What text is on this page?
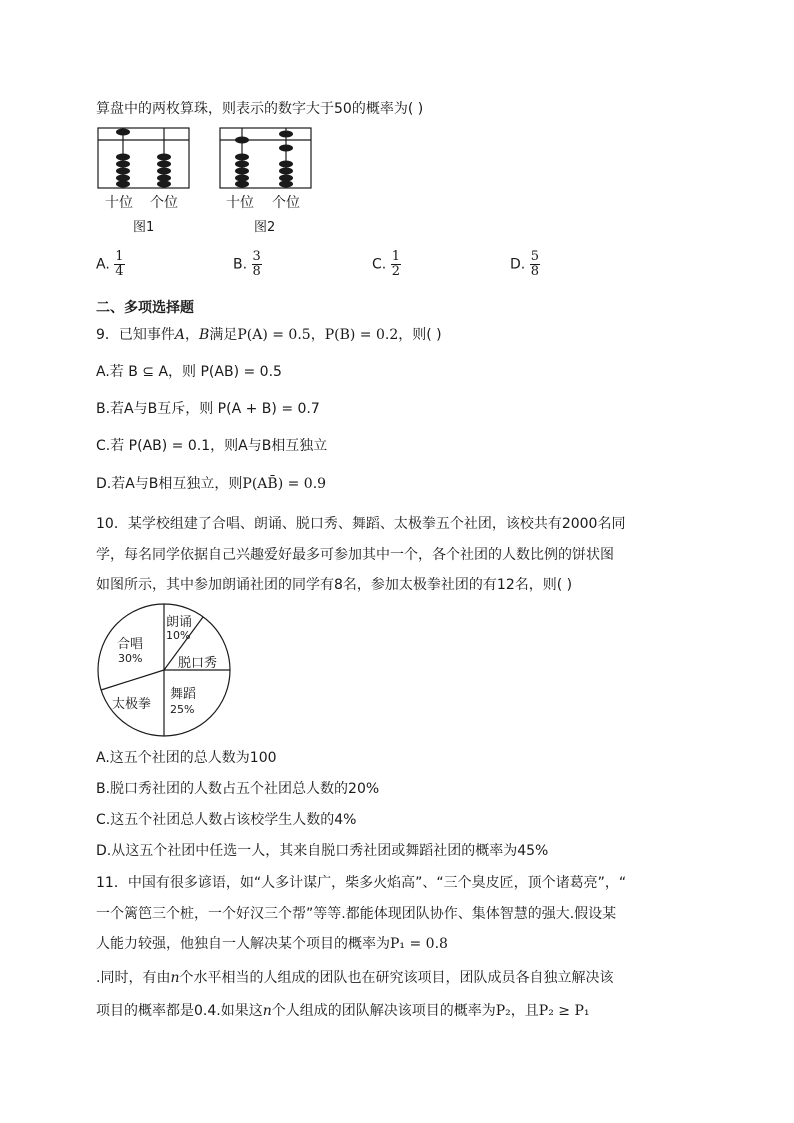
算盘中的两枚算珠，则表示的数字大于50的概率为( )
十位 个位
图1
十位 个位
图2
A. $\frac{1}{4}$	B. $\frac{3}{8}$	C. $\frac{1}{2}$	D. $\frac{5}{8}$
二、多项选择题
9．已知事件A，B满足P(A) = 0.5，P(B) = 0.2，则( )
A.若 B ⊆ A，则 P(AB) = 0.5
B.若A与B互斥，则 P(A + B) = 0.7
C.若 P(AB) = 0.1，则A与B相互独立
D.若A与B相互独立，则P(AB̄) = 0.9
10．某学校组建了合唱、朗诵、脱口秀、舞蹈、太极拳五个社团，该校共有2000名同
学，每名同学依据自己兴趣爱好最多可参加其中一个，各个社团的人数比例的饼状图
如图所示，其中参加朗诵社团的同学有8名，参加太极拳社团的有12名，则( )
合唱
30%
朗诵
10%
脱口秀
舞蹈
25%
太极拳
A.这五个社团的总人数为100
B.脱口秀社团的人数占五个社团总人数的20%
C.这五个社团总人数占该校学生人数的4%
D.从这五个社团中任选一人，其来自脱口秀社团或舞蹈社团的概率为45%
11．中国有很多谚语，如“人多计谋广，柴多火焰高”、“三个臭皮匠，顶个诸葛亮”，“
一个篱笆三个桩，一个好汉三个帮”等等.都能体现团队协作、集体智慧的强大.假设某
人能力较强，他独自一人解决某个项目的概率为P₁ = 0.8
.同时，有由n个水平相当的人组成的团队也在研究该项目，团队成员各自独立解决该
项目的概率都是0.4.如果这n个人组成的团队解决该项目的概率为P₂，且P₂ ≥ P₁
